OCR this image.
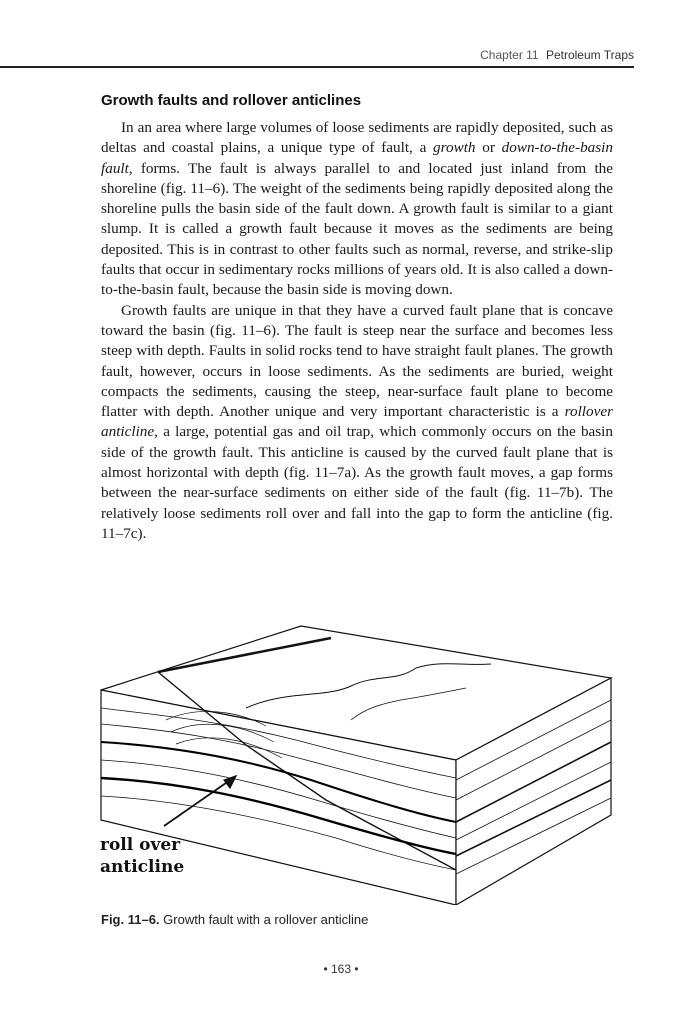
Chapter 11 Petroleum Traps
Growth faults and rollover anticlines

In an area where large volumes of loose sediments are rapidly deposited, such as deltas and coastal plains, a unique type of fault, a growth or down-to-the-basin fault, forms. The fault is always parallel to and located just inland from the shoreline (fig. 11–6). The weight of the sediments being rapidly deposited along the shoreline pulls the basin side of the fault down. A growth fault is similar to a giant slump. It is called a growth fault because it moves as the sediments are being deposited. This is in contrast to other faults such as normal, reverse, and strike-slip faults that occur in sedimentary rocks millions of years old. It is also called a down-to-the-basin fault, because the basin side is moving down.

Growth faults are unique in that they have a curved fault plane that is concave toward the basin (fig. 11–6). The fault is steep near the surface and becomes less steep with depth. Faults in solid rocks tend to have straight fault planes. The growth fault, however, occurs in loose sediments. As the sediments are buried, weight compacts the sediments, causing the steep, near-surface fault plane to become flatter with depth. Another unique and very important characteristic is a rollover anticline, a large, potential gas and oil trap, which commonly occurs on the basin side of the growth fault. This anticline is caused by the curved fault plane that is almost horizontal with depth (fig. 11–7a). As the growth fault moves, a gap forms between the near-surface sediments on either side of the fault (fig. 11–7b). The relatively loose sediments roll over and fall into the gap to form the anticline (fig. 11–7c).

roll over
anticline
Fig. 11–6. Growth fault with a rollover anticline
• 163 •
